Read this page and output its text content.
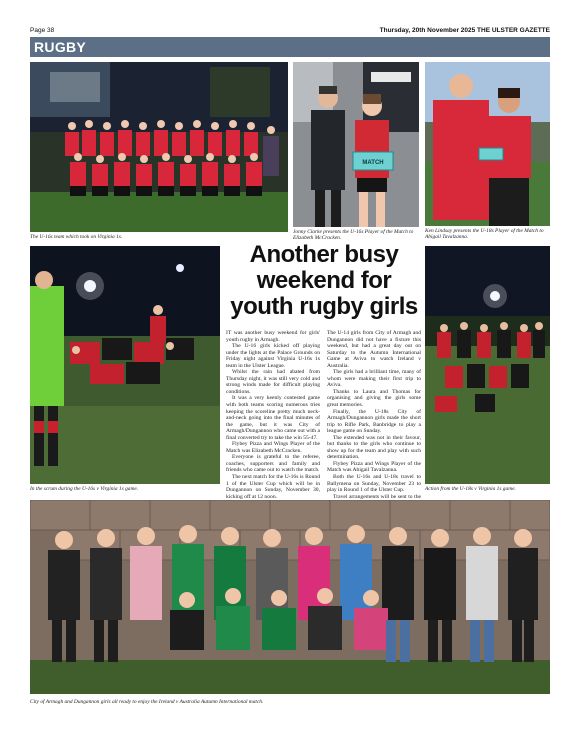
Page 38	Thursday, 20th November 2025 THE ULSTER GAZETTE
RUGBY
The U-16s team which took on Virginia 1s.
MATCH
Jonny Clarke presents the U-16s Player of the Match to Elizabeth McCracken.
Ken Lindsay presents the U-18s Player of the Match to Abigail Tavalzanna.
In the scrum during the U-16s v Virginia 1s game.
Another busy
weekend for
youth rugby girls

IT was another busy weekend for girls' youth rugby in Armagh.

The U-16 girls kicked off playing under the lights at the Palace Grounds on Friday night against Virginia U-16s 1s team in the Ulster League.

Whilst the rain had abated from Thursday night, it was still very cold and strong winds made for difficult playing conditions.

It was a very keenly contested game with both teams scoring numerous tries keeping the scoreline pretty much neck-and-neck going into the final minutes of the game, but it was City of Armagh/Dungannon who came out with a final converted try to take the win 55-47.

Flybey Pizza and Wings Player of the Match was Elizabeth McCracken.

Everyone is grateful to the referee, coaches, supporters and family and friends who came out to watch the match.

The next match for the U-16s is Round 1 of the Ulster Cup which will be in Dungannon on Sunday, November 30, kicking off at 12 noon.

The U-14 girls from City of Armagh and Dungannon did not have a fixture this weekend, but had a great day out on Saturday to the Autumn International Game at Aviva to watch Ireland v Australia.

The girls had a brilliant time, many of whom were making their first trip to Aviva.

Thanks to Laura and Thomas for organising and giving the girls some great memories.

Finally, the U-18s City of Armagh/Dungannon girls made the short trip to Rifle Park, Banbridge to play a league game on Sunday.

The extended was not in their favour, but thanks to the girls who continue to show up for the team and play with such determination.

Flybey Pizza and Wings Player of the Match was Abigail Tavalzanna.

Both the U-16s and U-18s travel to Ballymena on Sunday, November 23 to play in Round 1 of the Ulster Cup.

Travel arrangements will be sent to the

Action from the U-18s v Virginia 1s game.
City of Armagh and Dungannon girls all ready to enjoy the Ireland v Australia Autumn International match.
